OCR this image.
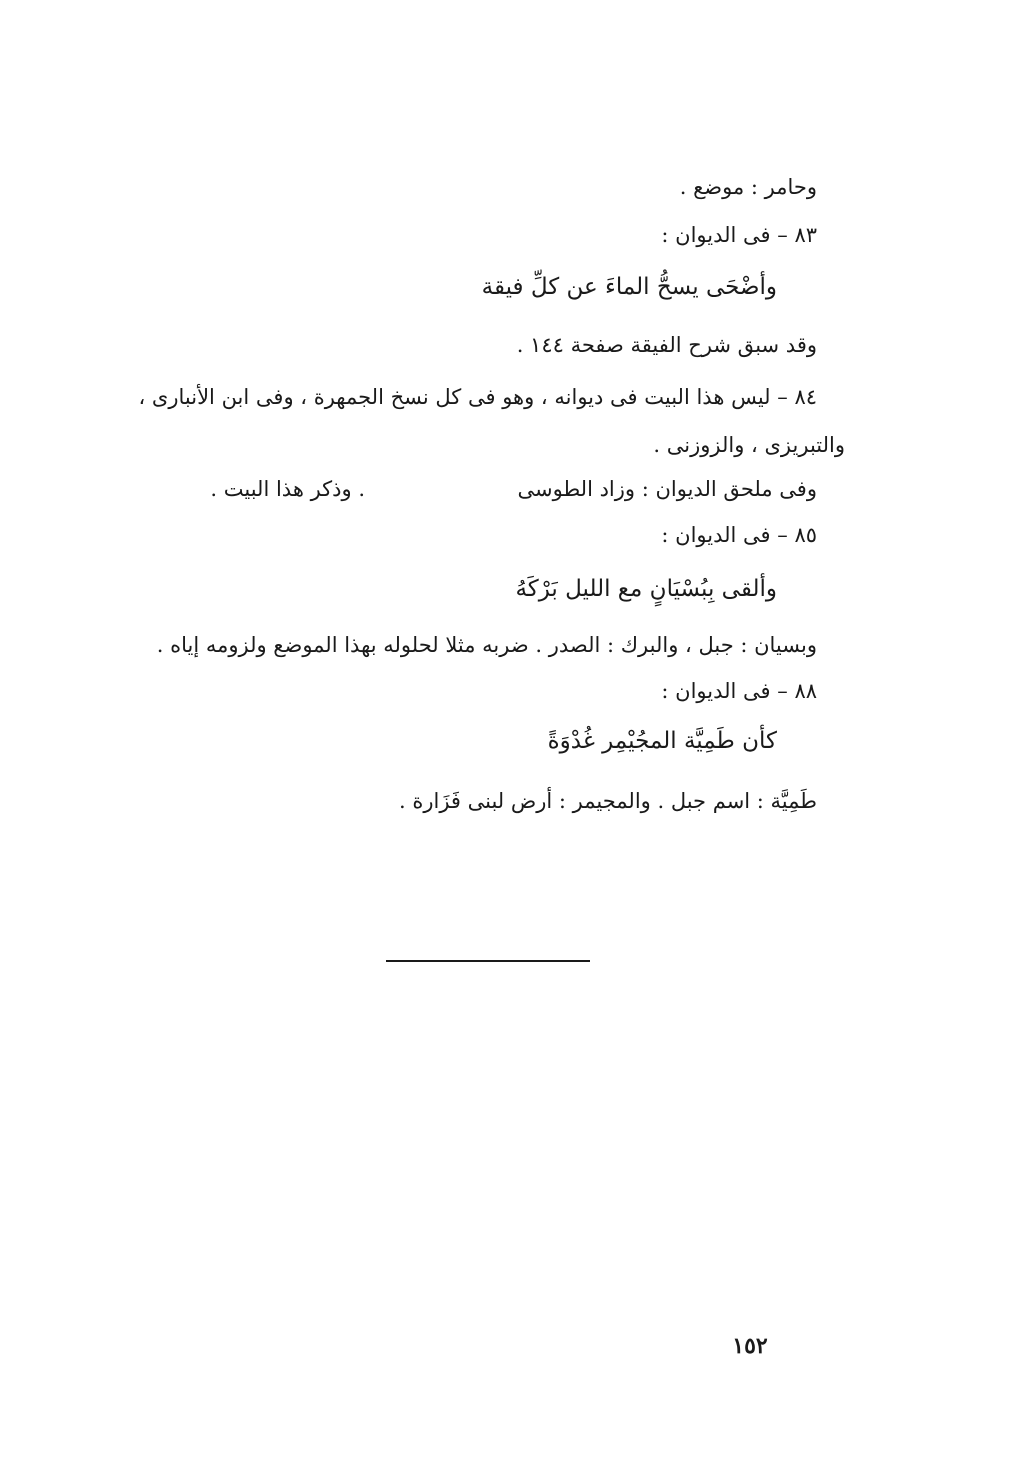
وحامر : موضع .
٨٣ – فى الديوان :
وأضْحَى يسحُّ الماءَ عن كلِّ فيقة
وقد سبق شرح الفيقة صفحة ١٤٤ .
٨٤ – ليس هذا البيت فى ديوانه ، وهو فى كل نسخ الجمهرة ، وفى ابن الأنبارى ،
والتبريزى ، والزوزنى .
وفى ملحق الديوان : وزاد الطوسى
. وذكر هذا البيت .
٨٥ – فى الديوان :
وألقى بِبُسْيَانٍ مع الليل بَرْكَهُ
وبسيان : جبل ، والبرك : الصدر . ضربه مثلا لحلوله بهذا الموضع ولزومه إياه .
٨٨ – فى الديوان :
كأن طَمِيَّة المجُيْمِر غُدْوَةً
طَمِيَّة : اسم جبل . والمجيمر : أرض لبنى فَزَارة .
١٥٢
